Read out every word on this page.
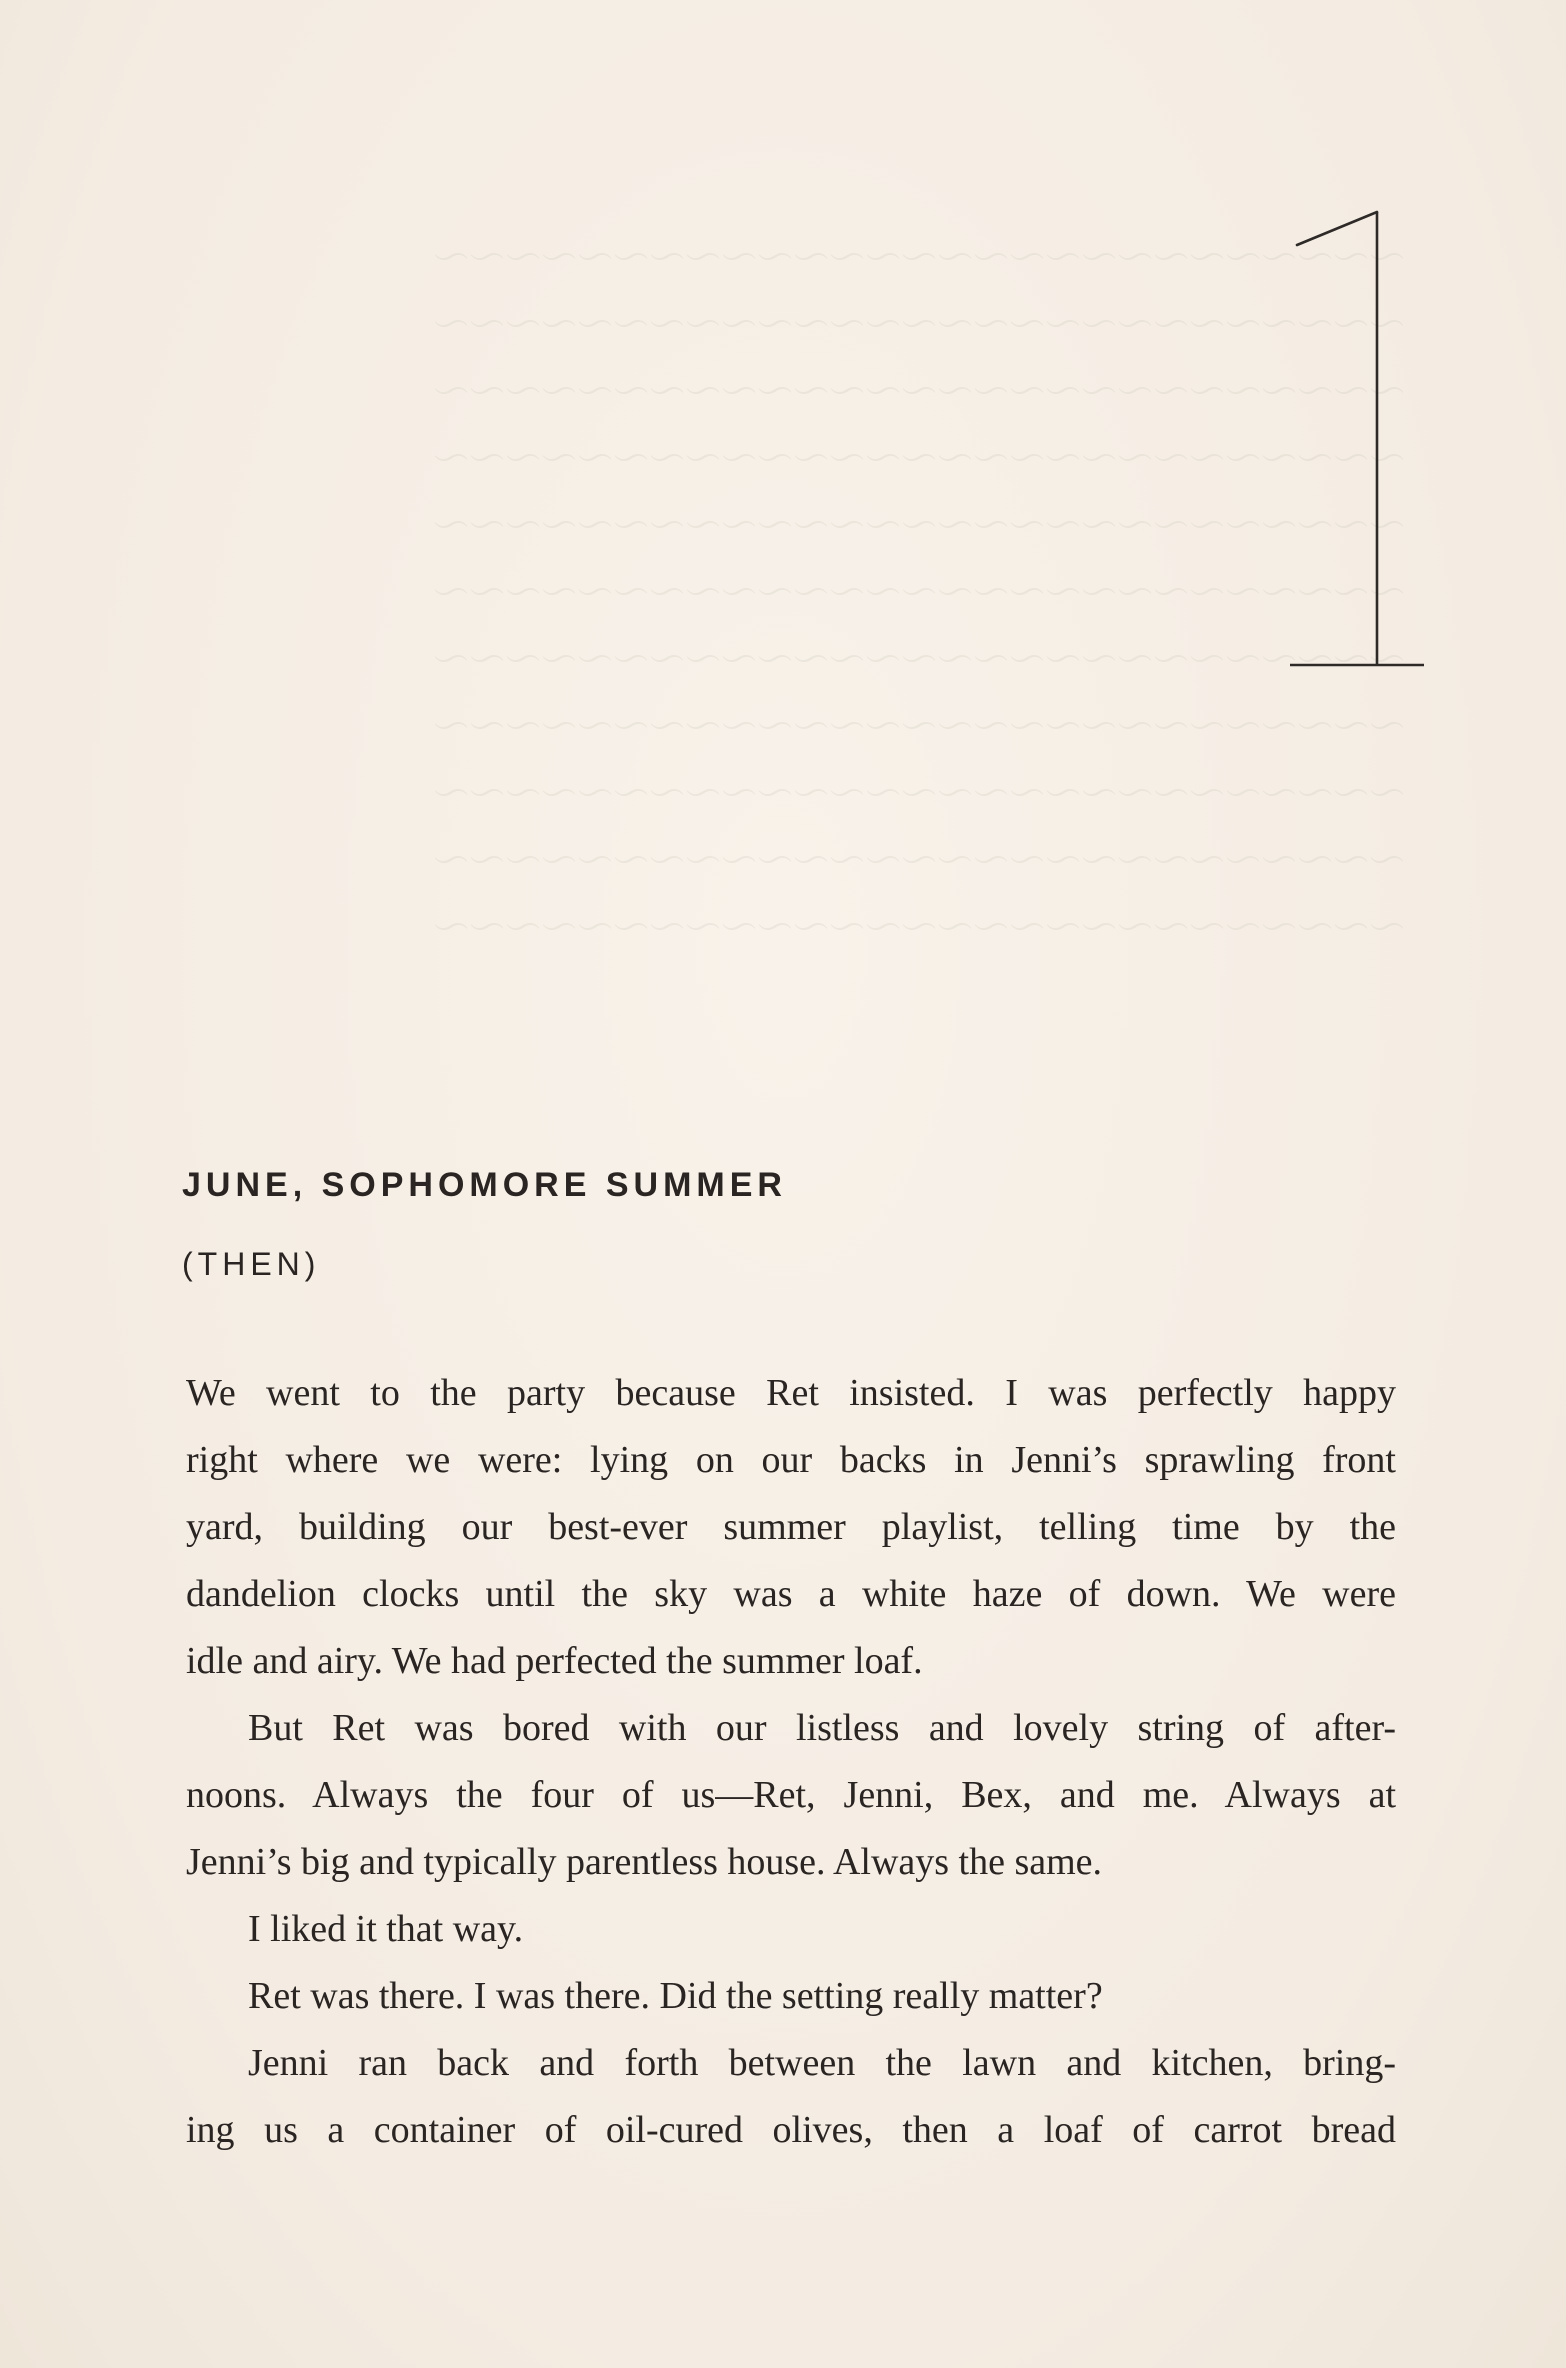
～～～～～～～～～～～～～～～～～～～～～～～～～～～
～～～～～～～～～～～～～～～～～～～～～～～～～～～
～～～～～～～～～～～～～～～～～～～～～～～～～～～
～～～～～～～～～～～～～～～～～～～～～～～～～～～
～～～～～～～～～～～～～～～～～～～～～～～～～～～
～～～～～～～～～～～～～～～～～～～～～～～～～～～
～～～～～～～～～～～～～～～～～～～～～～～～～～～
～～～～～～～～～～～～～～～～～～～～～～～～～～～
～～～～～～～～～～～～～～～～～～～～～～～～～～～
～～～～～～～～～～～～～～～～～～～～～～～～～～～
～～～～～～～～～～～～～～～～～～～～～～～～～～～
JUNE, SOPHOMORE SUMMER
(THEN)
We went to the party because Ret insisted. I was perfectly happy
right where we were: lying on our backs in Jenni’s sprawling front
yard, building our best-ever summer playlist, telling time by the
dandelion clocks until the sky was a white haze of down. We were
idle and airy. We had perfected the summer loaf.
But Ret was bored with our listless and lovely string of after-
noons. Always the four of us—Ret, Jenni, Bex, and me. Always at
Jenni’s big and typically parentless house. Always the same.
I liked it that way.
Ret was there. I was there. Did the setting really matter?
Jenni ran back and forth between the lawn and kitchen, bring-
ing us a container of oil-cured olives, then a loaf of carrot bread
